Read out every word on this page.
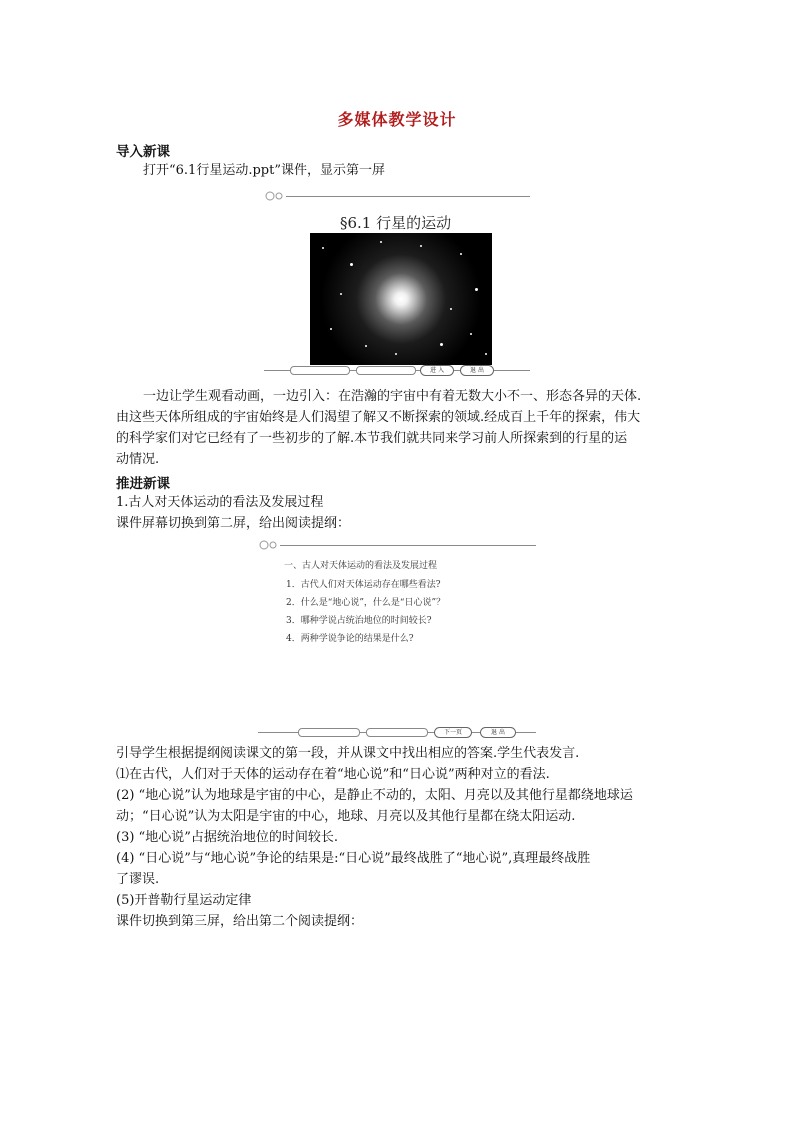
多媒体教学设计
导入新课
打开“6.1行星运动.ppt”课件，显示第一屏
§6.1 行星的运动
进 入	退 出
一边让学生观看动画，一边引入：在浩瀚的宇宙中有着无数大小不一、形态各异的天体.
由这些天体所组成的宇宙始终是人们渴望了解又不断探索的领域.经成百上千年的探索，伟大
的科学家们对它已经有了一些初步的了解.本节我们就共同来学习前人所探索到的行星的运
动情况.
推进新课
1.古人对天体运动的看法及发展过程
课件屏幕切换到第二屏，给出阅读提纲：
一、古人对天体运动的看法及发展过程
1．古代人们对天体运动存在哪些看法?
2．什么是“地心说”，什么是“日心说”？
3．哪种学说占统治地位的时间较长?
4．两种学说争论的结果是什么?
下一页	退 出
引导学生根据提纲阅读课文的第一段，并从课文中找出相应的答案.学生代表发言.
⑴在古代，人们对于天体的运动存在着“地心说”和“日心说”两种对立的看法.
(2) “地心说”认为地球是宇宙的中心，是静止不动的，太阳、月亮以及其他行星都绕地球运
动；“日心说”认为太阳是宇宙的中心，地球、月亮以及其他行星都在绕太阳运动.
(3) “地心说”占据统治地位的时间较长.
(4) “日心说”与“地心说”争论的结果是:“日心说”最终战胜了“地心说”,真理最终战胜
了谬误.
(5)开普勒行星运动定律
课件切换到第三屏，给出第二个阅读提纲：
